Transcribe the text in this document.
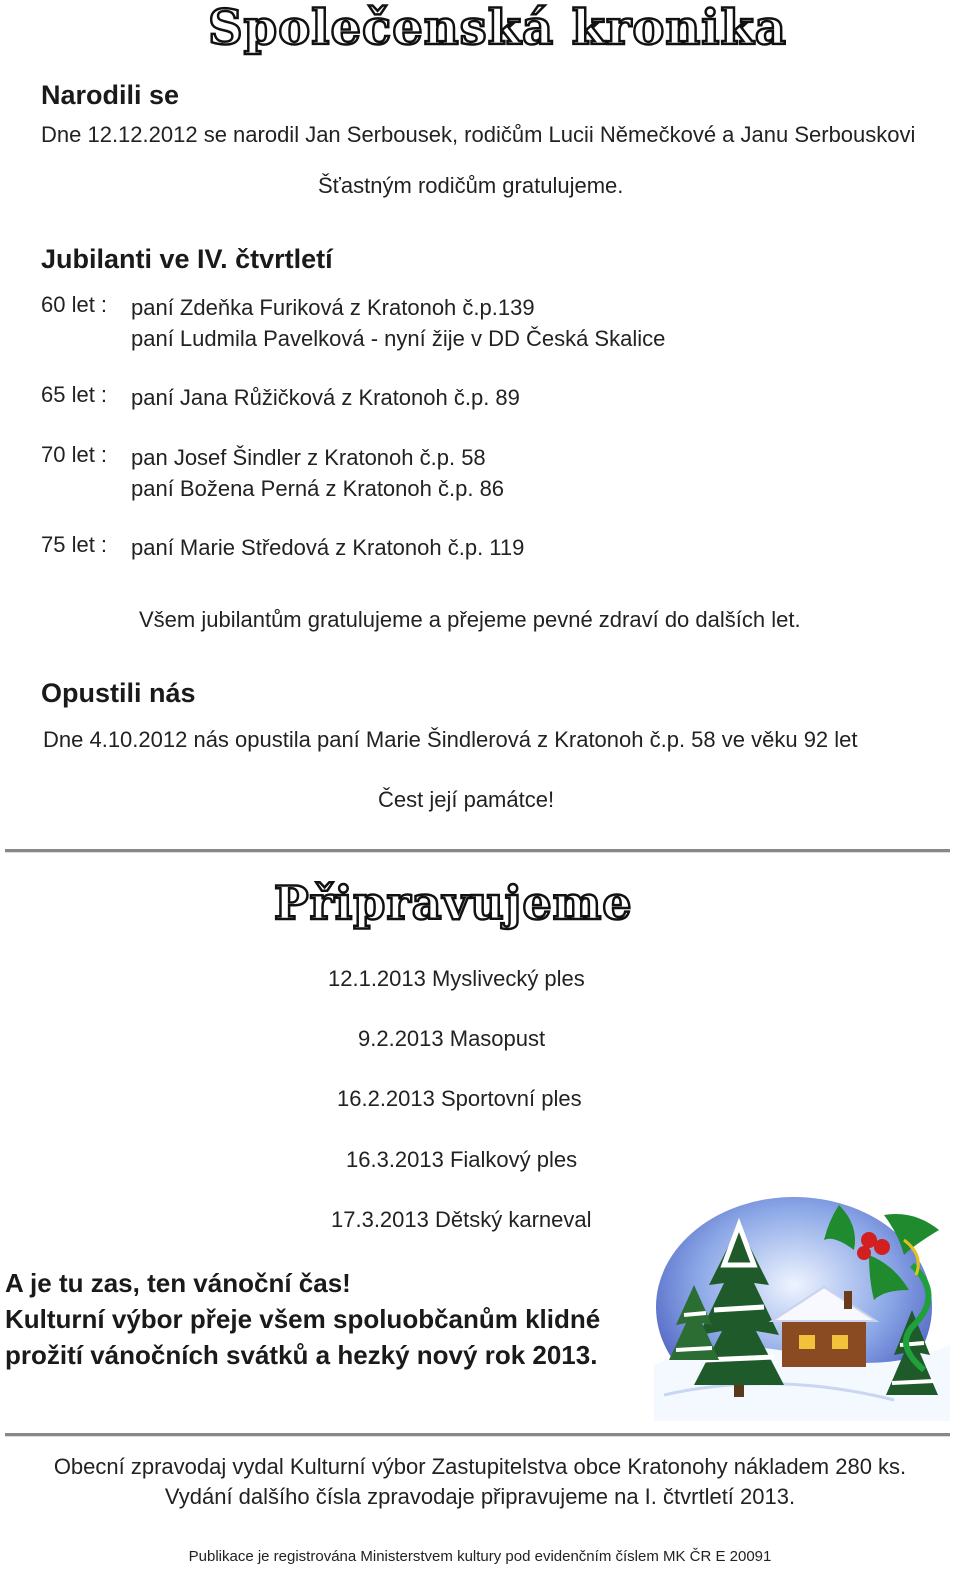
Společenská kronika
Narodili se
Dne 12.12.2012 se narodil Jan Serbousek, rodičům Lucii Němečkové a Janu Serbouskovi
Šťastným rodičům gratulujeme.
Jubilanti ve IV. čtvrtletí
60 let :	paní Zdeňka Furiková z Kratonoh č.p.139
paní Ludmila Pavelková - nyní žije v DD Česká Skalice
65 let :	paní Jana Růžičková z Kratonoh č.p. 89
70 let :	pan Josef Šindler z Kratonoh č.p. 58
paní Božena Perná z Kratonoh č.p. 86
75 let :	paní Marie Středová z Kratonoh č.p. 119
Všem jubilantům gratulujeme a přejeme pevné zdraví do dalších let.
Opustili nás
Dne 4.10.2012 nás opustila paní Marie Šindlerová z Kratonoh č.p. 58 ve věku 92 let
Čest její památce!
Připravujeme
12.1.2013 Myslivecký ples
9.2.2013 Masopust
16.2.2013 Sportovní ples
16.3.2013 Fialkový ples
17.3.2013 Dětský karneval
A je tu zas, ten vánoční čas!
Kulturní výbor přeje všem spoluobčanům klidné
prožití vánočních svátků a hezký nový rok 2013.
Obecní zpravodaj vydal Kulturní výbor Zastupitelstva obce Kratonohy nákladem 280 ks.
Vydání dalšího čísla zpravodaje připravujeme na I. čtvrtletí 2013.
Publikace je registrována Ministerstvem kultury pod evidenčním číslem MK ČR E 20091
